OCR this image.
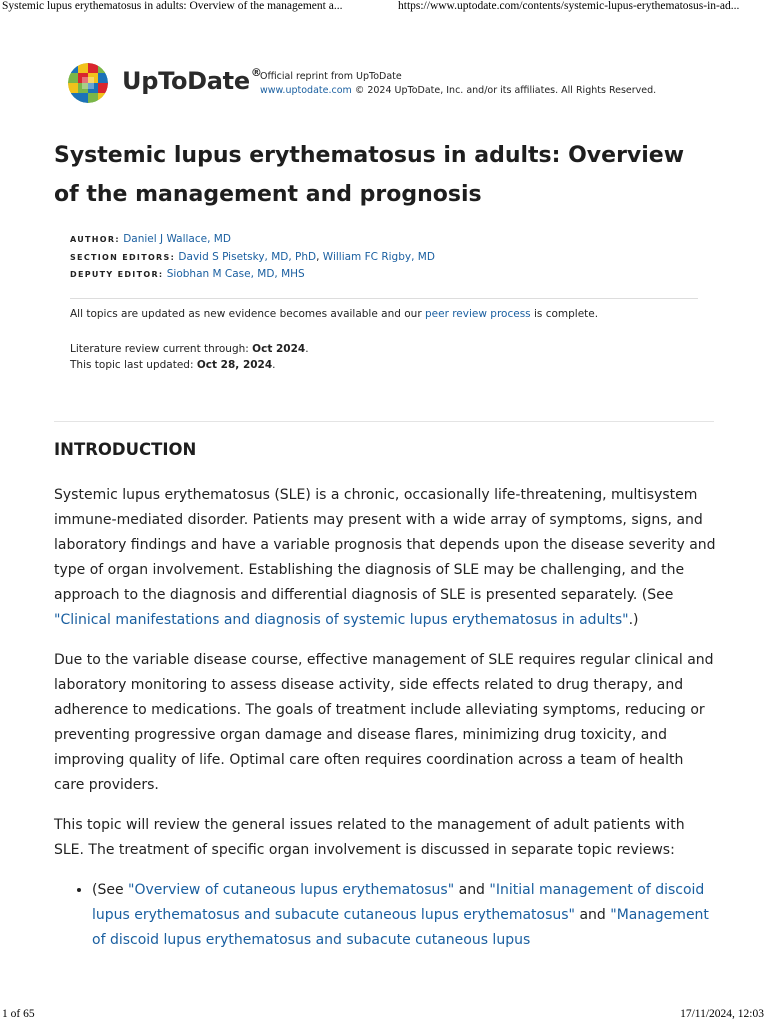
Systemic lupus erythematosus in adults: Overview of the management a...	https://www.uptodate.com/contents/systemic-lupus-erythematosus-in-ad...
UpToDate®
Official reprint from UpToDate
www.uptodate.com © 2024 UpToDate, Inc. and/or its affiliates. All Rights Reserved.
Systemic lupus erythematosus in adults: Overview of the management and prognosis
AUTHOR: Daniel J Wallace, MD
SECTION EDITORS: David S Pisetsky, MD, PhD, William FC Rigby, MD
DEPUTY EDITOR: Siobhan M Case, MD, MHS
All topics are updated as new evidence becomes available and our peer review process is complete.
Literature review current through: Oct 2024.
This topic last updated: Oct 28, 2024.
INTRODUCTION

Systemic lupus erythematosus (SLE) is a chronic, occasionally life-threatening, multisystem immune-mediated disorder. Patients may present with a wide array of symptoms, signs, and laboratory findings and have a variable prognosis that depends upon the disease severity and type of organ involvement. Establishing the diagnosis of SLE may be challenging, and the approach to the diagnosis and differential diagnosis of SLE is presented separately. (See "Clinical manifestations and diagnosis of systemic lupus erythematosus in adults".)

Due to the variable disease course, effective management of SLE requires regular clinical and laboratory monitoring to assess disease activity, side effects related to drug therapy, and adherence to medications. The goals of treatment include alleviating symptoms, reducing or preventing progressive organ damage and disease flares, minimizing drug toxicity, and improving quality of life. Optimal care often requires coordination across a team of health care providers.

This topic will review the general issues related to the management of adult patients with SLE. The treatment of specific organ involvement is discussed in separate topic reviews:

• (See "Overview of cutaneous lupus erythematosus" and "Initial management of discoid lupus erythematosus and subacute cutaneous lupus erythematosus" and "Management of discoid lupus erythematosus and subacute cutaneous lupus
1 of 65	17/11/2024, 12:03
